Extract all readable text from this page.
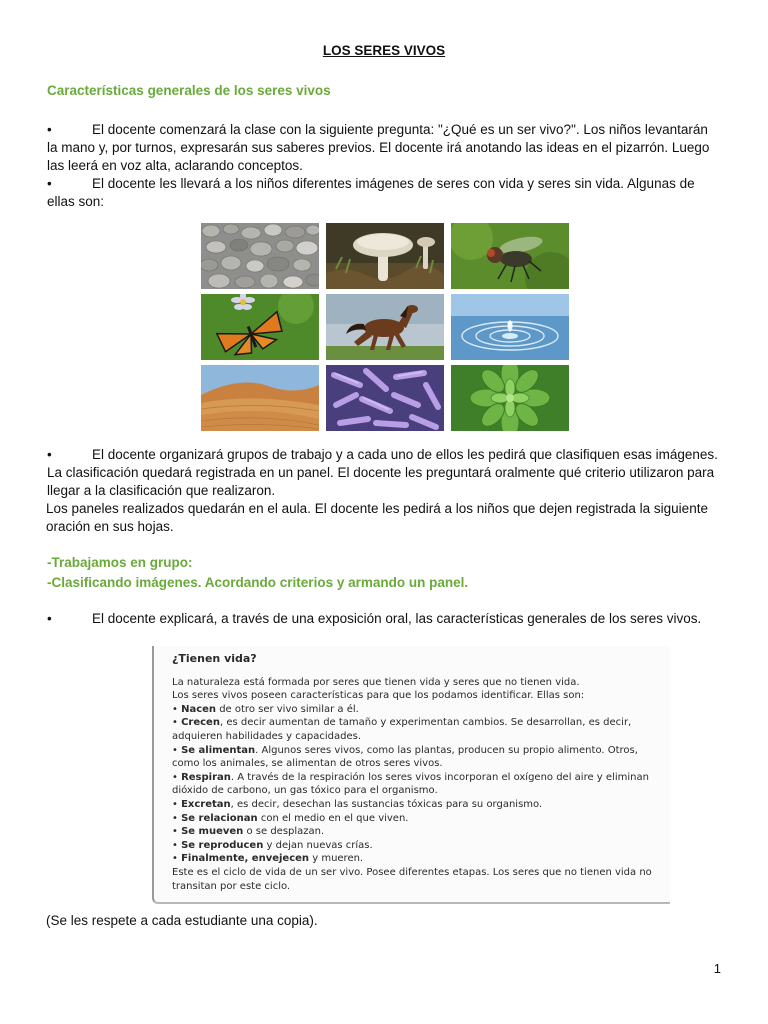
LOS SERES VIVOS
Características generales de los seres vivos
•	El docente comenzará la clase con la siguiente pregunta: "¿Qué es un ser vivo?". Los niños levantarán la mano y, por turnos, expresarán sus saberes previos. El docente irá anotando las ideas en el pizarrón. Luego las leerá en voz alta, aclarando conceptos.
•	El docente les llevará a los niños diferentes imágenes de seres con vida y seres sin vida. Algunas de ellas son:
•	El docente organizará grupos de trabajo y a cada uno de ellos les pedirá que clasifiquen esas imágenes. La clasificación quedará registrada en un panel. El docente les preguntará oralmente qué criterio utilizaron para llegar a la clasificación que realizaron.
Los paneles realizados quedarán en el aula. El docente les pedirá a los niños que dejen registrada la siguiente oración en sus hojas.
-Trabajamos en grupo:
-Clasificando imágenes. Acordando criterios y armando un panel.
•	El docente explicará, a través de una exposición oral, las características generales de los seres vivos.
¿Tienen vida?

La naturaleza está formada por seres que tienen vida y seres que no tienen vida.

Los seres vivos poseen características para que los podamos identificar. Ellas son:

• Nacen de otro ser vivo similar a él.

• Crecen, es decir aumentan de tamaño y experimentan cambios. Se desarrollan, es decir, adquieren habilidades y capacidades.

• Se alimentan. Algunos seres vivos, como las plantas, producen su propio alimento. Otros, como los animales, se alimentan de otros seres vivos.

• Respiran. A través de la respiración los seres vivos incorporan el oxígeno del aire y eliminan dióxido de carbono, un gas tóxico para el organismo.

• Excretan, es decir, desechan las sustancias tóxicas para su organismo.

• Se relacionan con el medio en el que viven.

• Se mueven o se desplazan.

• Se reproducen y dejan nuevas crías.

• Finalmente, envejecen y mueren.

Este es el ciclo de vida de un ser vivo. Posee diferentes etapas. Los seres que no tienen vida no transitan por este ciclo.

(Se les respete a cada estudiante una copia).
1
